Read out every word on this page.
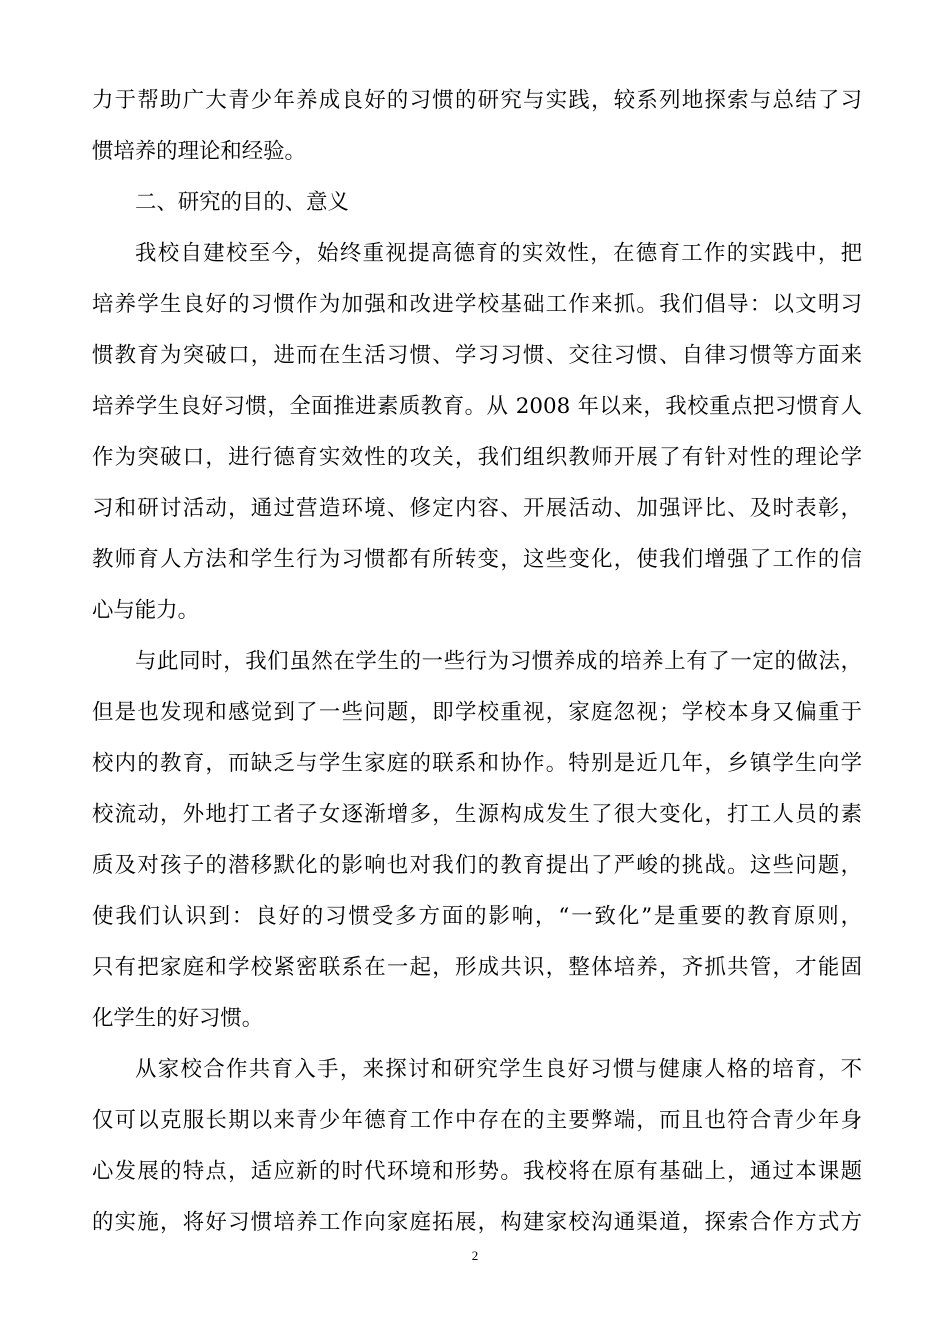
力于帮助广大青少年养成良好的习惯的研究与实践，较系列地探索与总结了习
惯培养的理论和经验。
二、研究的目的、意义
我校自建校至今，始终重视提高德育的实效性，在德育工作的实践中，把
培养学生良好的习惯作为加强和改进学校基础工作来抓。我们倡导：以文明习
惯教育为突破口，进而在生活习惯、学习习惯、交往习惯、自律习惯等方面来
培养学生良好习惯，全面推进素质教育。从 2008 年以来，我校重点把习惯育人
作为突破口，进行德育实效性的攻关，我们组织教师开展了有针对性的理论学
习和研讨活动，通过营造环境、修定内容、开展活动、加强评比、及时表彰，
教师育人方法和学生行为习惯都有所转变，这些变化，使我们增强了工作的信
心与能力。
与此同时，我们虽然在学生的一些行为习惯养成的培养上有了一定的做法，
但是也发现和感觉到了一些问题，即学校重视，家庭忽视；学校本身又偏重于
校内的教育，而缺乏与学生家庭的联系和协作。特别是近几年，乡镇学生向学
校流动，外地打工者子女逐渐增多，生源构成发生了很大变化，打工人员的素
质及对孩子的潜移默化的影响也对我们的教育提出了严峻的挑战。这些问题，
使我们认识到：良好的习惯受多方面的影响，“一致化”是重要的教育原则，
只有把家庭和学校紧密联系在一起，形成共识，整体培养，齐抓共管，才能固
化学生的好习惯。
从家校合作共育入手，来探讨和研究学生良好习惯与健康人格的培育，不
仅可以克服长期以来青少年德育工作中存在的主要弊端，而且也符合青少年身
心发展的特点，适应新的时代环境和形势。我校将在原有基础上，通过本课题
的实施，将好习惯培养工作向家庭拓展，构建家校沟通渠道，探索合作方式方
2
